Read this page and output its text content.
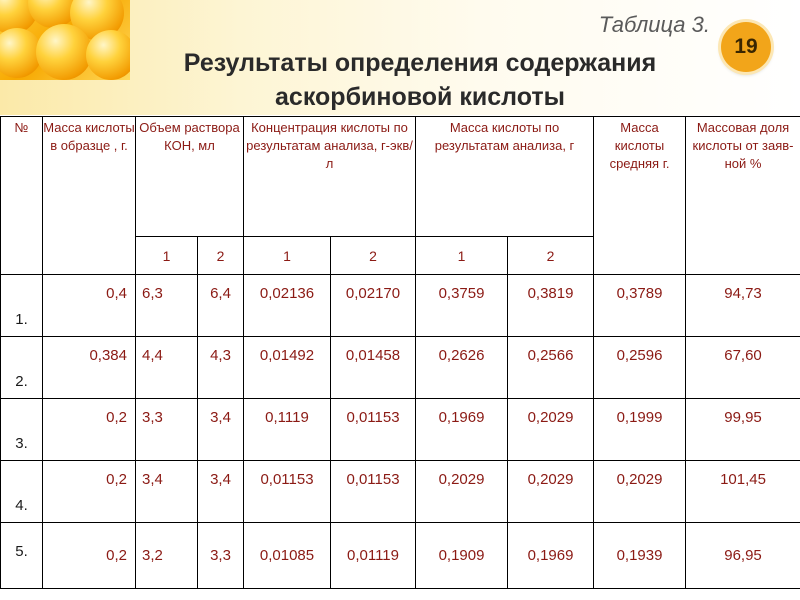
Таблица 3.
Результаты определения содержания
аскорбиновой кислоты
19
№	Масса кислоты в образце , г.	Объем раствора КОН, мл		Концентрация кислоты по результатам анализа, г-экв/л		Масса кислоты по результатам анализа, г		Масса кислоты средняя г.	Массовая доля кислоты от заяв-ной %
		1	2	1	2	1	2		
1.	0,4	6,3	6,4	0,02136	0,02170	0,3759	0,3819	0,3789	94,73
2.	0,384	4,4	4,3	0,01492	0,01458	0,2626	0,2566	0,2596	67,60
3.	0,2	3,3	3,4	0,1119	0,01153	0,1969	0,2029	0,1999	99,95
4.	0,2	3,4	3,4	0,01153	0,01153	0,2029	0,2029	0,2029	101,45
5.	0,2	3,2	3,3	0,01085	0,01119	0,1909	0,1969	0,1939	96,95
